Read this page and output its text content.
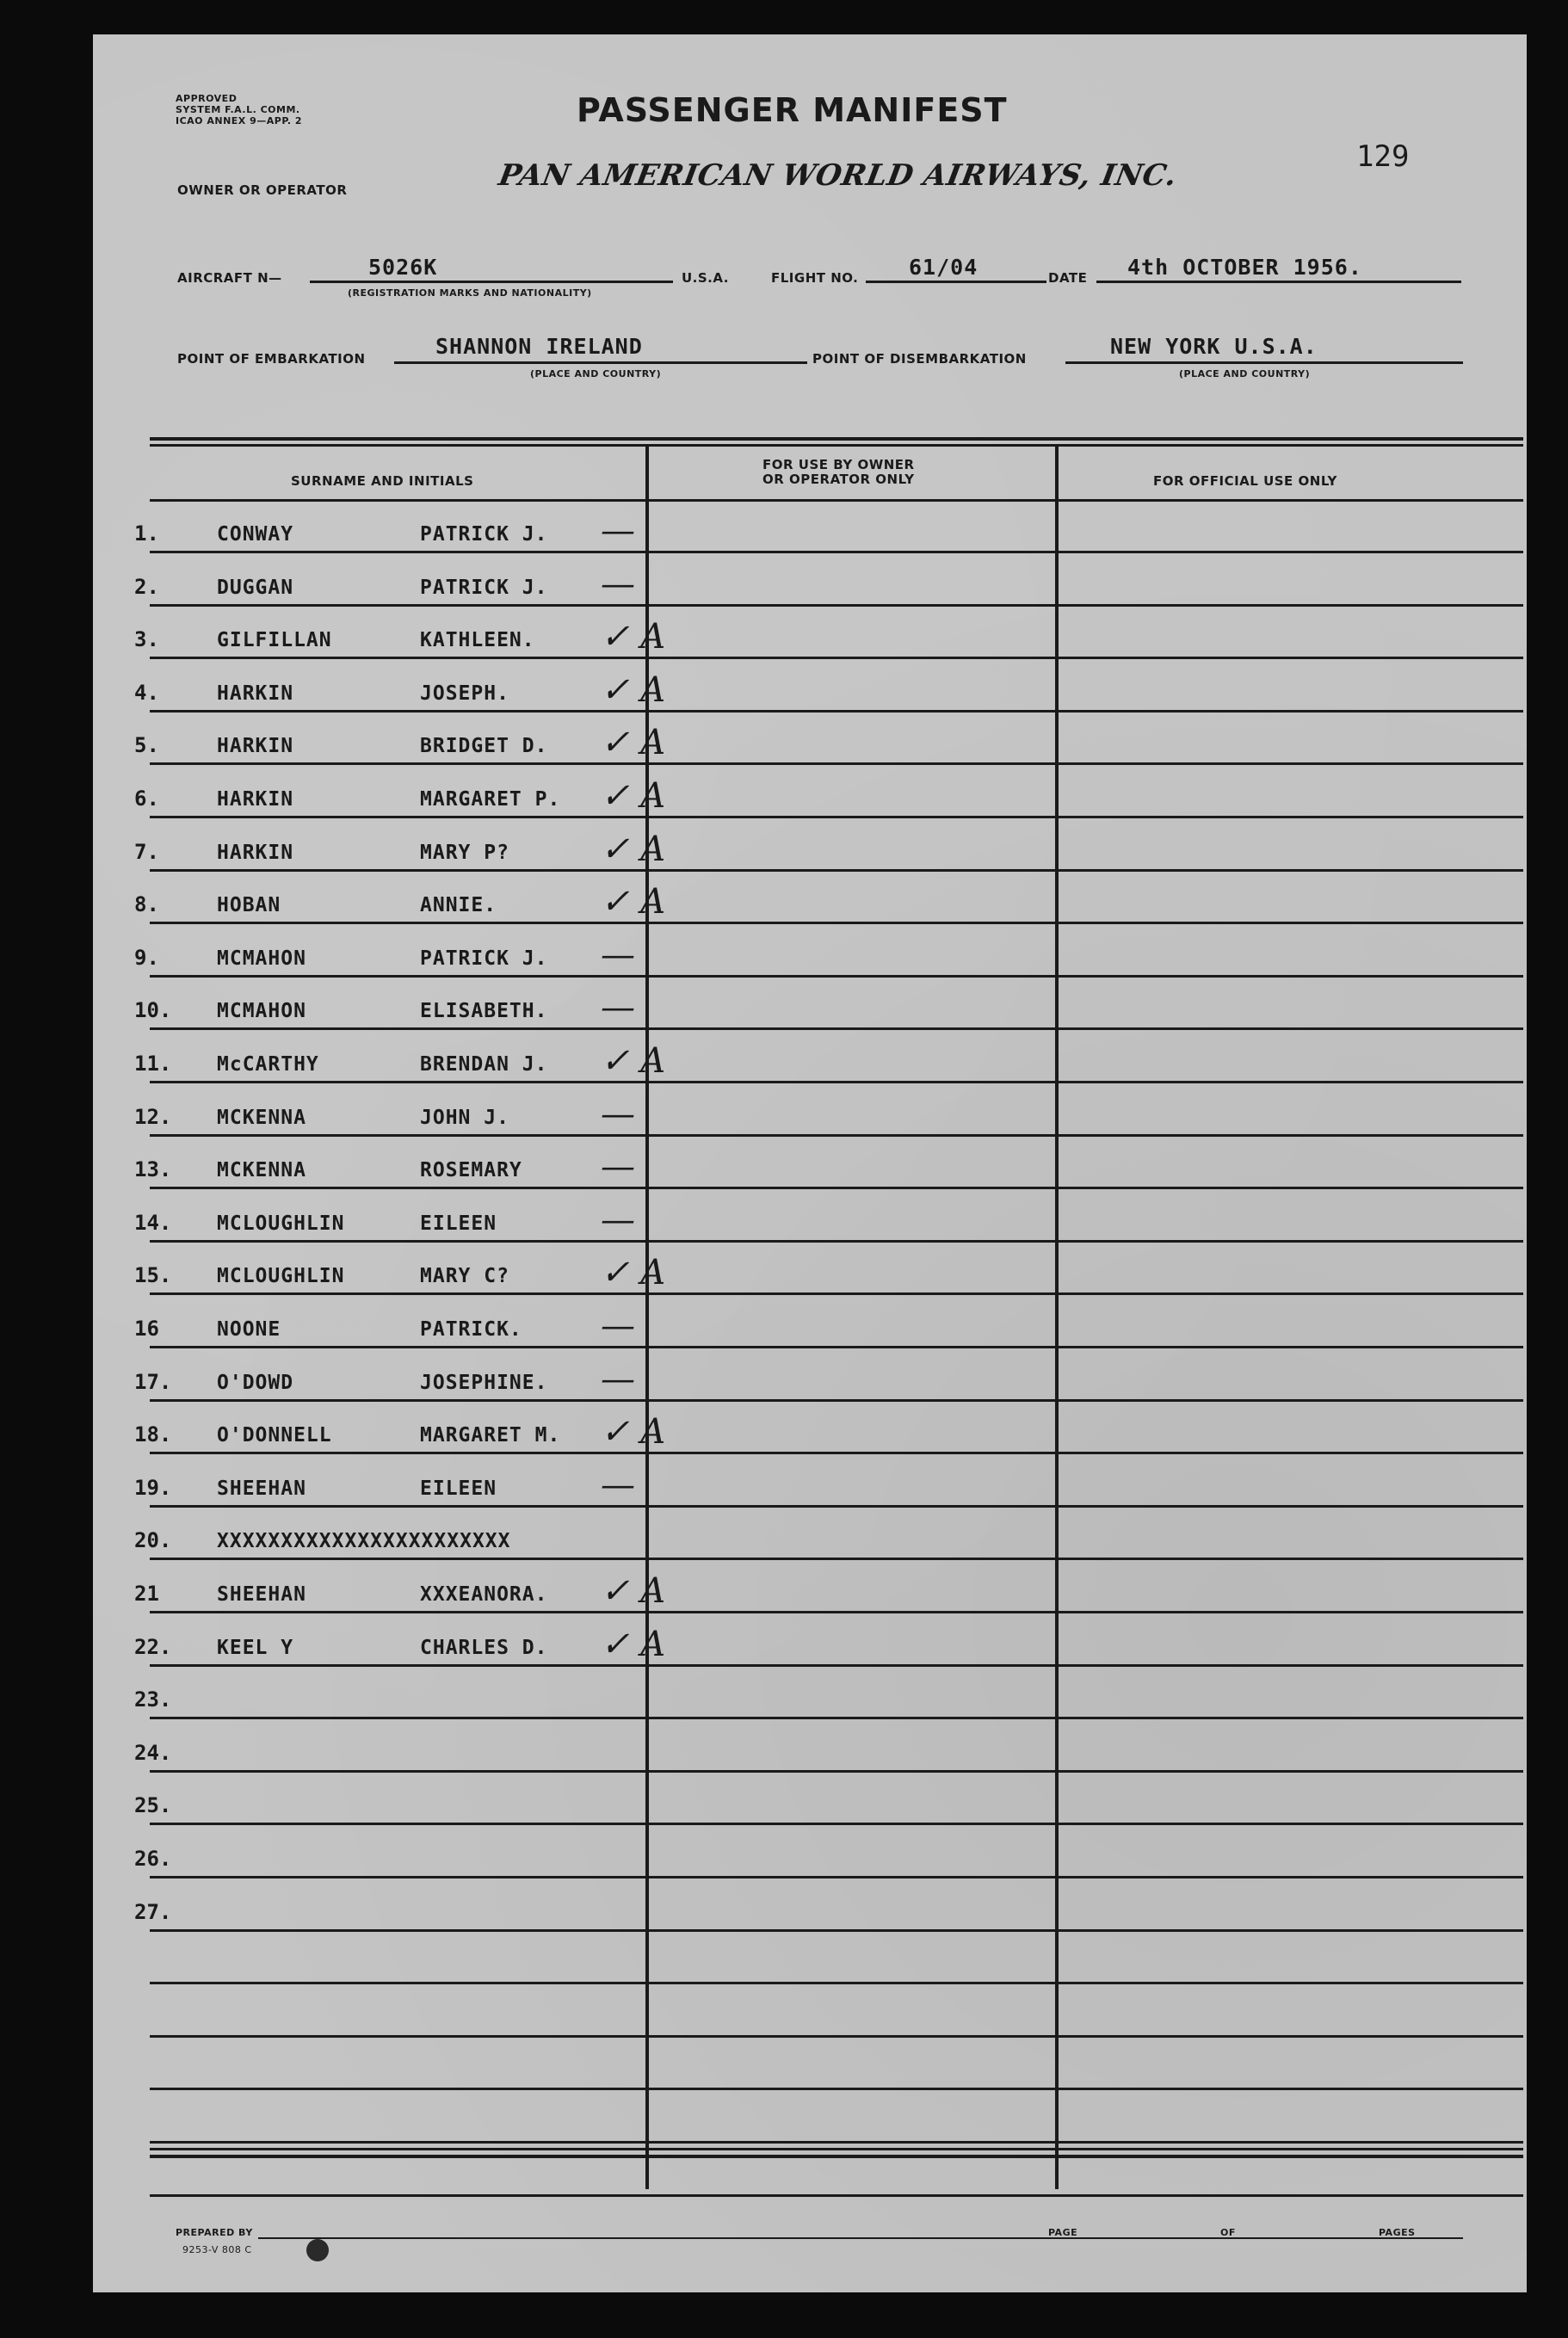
APPROVED
SYSTEM F.A.L. COMM.
ICAO ANNEX 9—APP. 2	PASSENGER MANIFEST
129
OWNER OR OPERATOR	PAN AMERICAN WORLD AIRWAYS, INC.
AIRCRAFT N—	5026K
(REGISTRATION MARKS AND NATIONALITY)
U.S.A.	FLIGHT NO. 61/04	DATE 4th OCTOBER 1956.
POINT OF EMBARKATION	SHANNON IRELAND
(PLACE AND COUNTRY)
POINT OF DISEMBARKATION	NEW YORK U.S.A.
(PLACE AND COUNTRY)
SURNAME AND INITIALS
FOR USE BY OWNER
OR OPERATOR ONLY	FOR OFFICIAL USE ONLY
1.	CONWAY	PATRICK J. —
2.	DUGGAN	PATRICK J. —
3.	GILFILLAN	KATHLEEN. ✓ A
4.	HARKIN	JOSEPH.	✓ A
5.	HARKIN	BRIDGET D. ✓ A
6.	HARKIN	MARGARET P. ✓ A
7.	HARKIN	MARY P?	✓ A
8.	HOBAN	ANNIE.	✓ A
9.	MCMAHON	PATRICK J. —
10. MCMAHON	ELISABETH. —
11. McCARTHY	BRENDAN J. ✓ A
12. MCKENNA	JOHN J.	—
13. MCKENNA	ROSEMARY —
14. MCLOUGHLIN	EILEEN	—
15. MCLOUGHLIN	MARY C?	✓ A
16	NOONE	PATRICK. —
17. O'DOWD	JOSEPHINE. —
18. O'DONNELL	MARGARET M. ✓ A
19. SHEEHAN	EILEEN	—
20. XXXXXXXXXXXXXXXXXXXXXXX
21	SHEEHAN	XXXEANORA. ✓ A
22. KEEL Y	CHARLES D. ✓ A
23.
24.
25.
26.
27.
PREPARED BY
9253-V 808 C
PAGE	OF	PAGES
